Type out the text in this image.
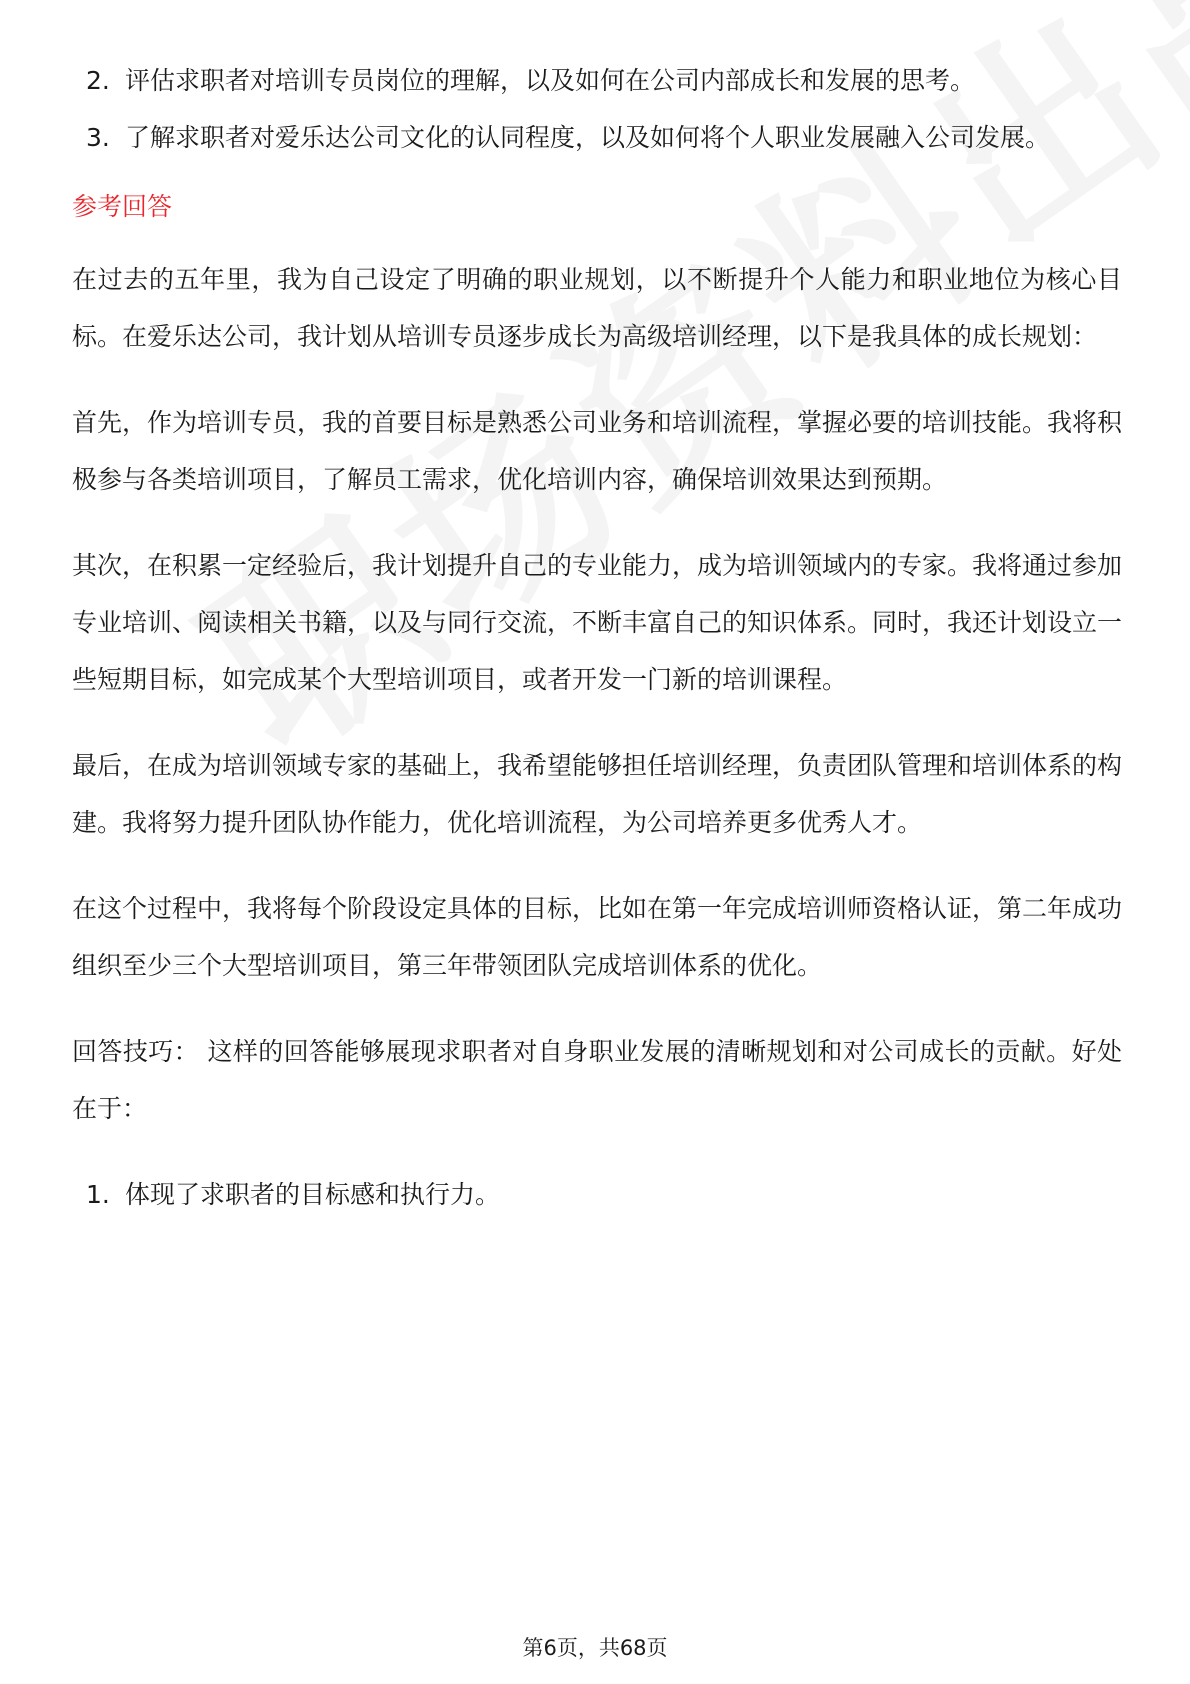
2. 评估求职者对培训专员岗位的理解，以及如何在公司内部成长和发展的思考。
3. 了解求职者对爱乐达公司文化的认同程度，以及如何将个人职业发展融入公司发展。
参考回答

在过去的五年里，我为自己设定了明确的职业规划，以不断提升个人能力和职业地位为核心目标。在爱乐达公司，我计划从培训专员逐步成长为高级培训经理，以下是我具体的成长规划：

首先，作为培训专员，我的首要目标是熟悉公司业务和培训流程，掌握必要的培训技能。我将积极参与各类培训项目，了解员工需求，优化培训内容，确保培训效果达到预期。

其次，在积累一定经验后，我计划提升自己的专业能力，成为培训领域内的专家。我将通过参加专业培训、阅读相关书籍，以及与同行交流，不断丰富自己的知识体系。同时，我还计划设立一些短期目标，如完成某个大型培训项目，或者开发一门新的培训课程。

最后，在成为培训领域专家的基础上，我希望能够担任培训经理，负责团队管理和培训体系的构建。我将努力提升团队协作能力，优化培训流程，为公司培养更多优秀人才。

在这个过程中，我将每个阶段设定具体的目标，比如在第一年完成培训师资格认证，第二年成功组织至少三个大型培训项目，第三年带领团队完成培训体系的优化。

回答技巧： 这样的回答能够展现求职者对自身职业发展的清晰规划和对公司成长的贡献。好处在于：

1. 体现了求职者的目标感和执行力。
第6页，共68页
